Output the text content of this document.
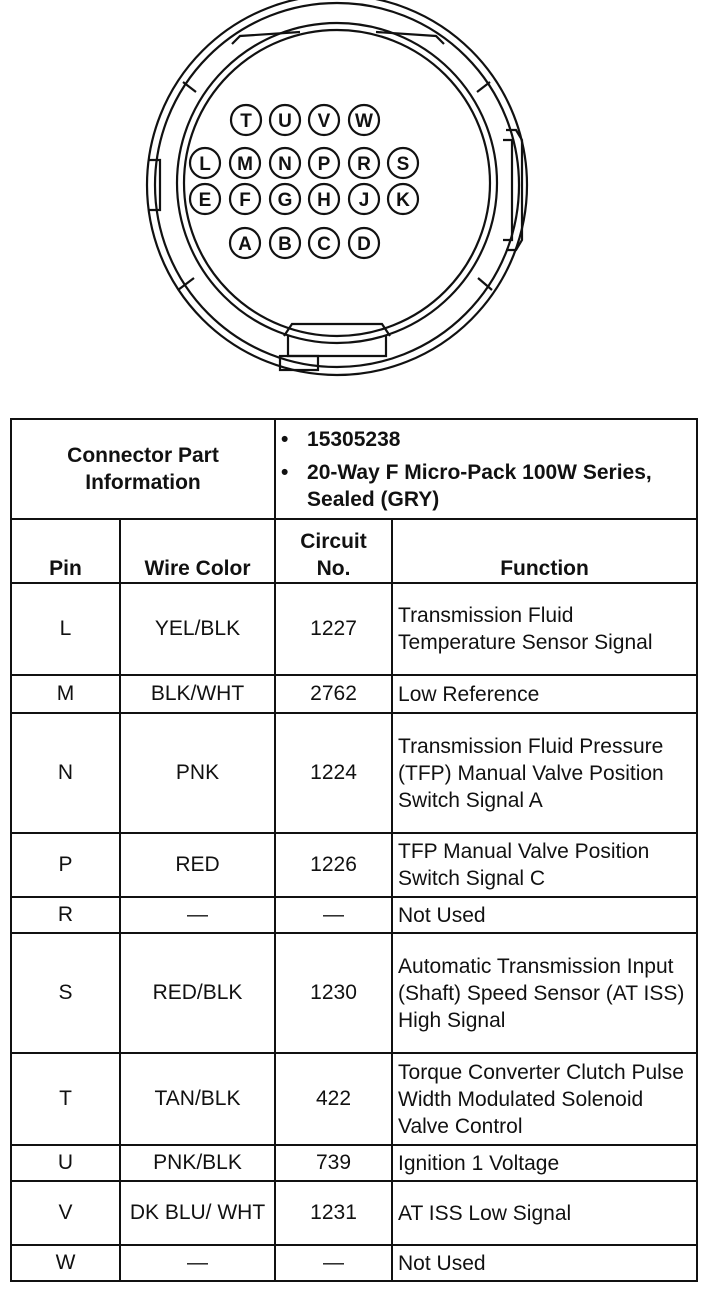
T U V W
L M N P R S
E F G H J K
A B C D
Connector Part Information		• 15305238
• 20-Way F Micro-Pack 100W Series, Sealed (GRY)

Pin	Wire Color	Circuit No.	Function
L	YEL/BLK	1227	Transmission Fluid Temperature Sensor Signal
M	BLK/WHT	2762	Low Reference
N	PNK	1224	Transmission Fluid Pressure (TFP) Manual Valve Position Switch Signal A
P	RED	1226	TFP Manual Valve Position Switch Signal C
R	—	—	Not Used
S	RED/BLK	1230	Automatic Transmission Input (Shaft) Speed Sensor (AT ISS) High Signal
T	TAN/BLK	422	Torque Converter Clutch Pulse Width Modulated Solenoid Valve Control
U	PNK/BLK	739	Ignition 1 Voltage
V	DK BLU/ WHT	1231	AT ISS Low Signal
W	—	—	Not Used
